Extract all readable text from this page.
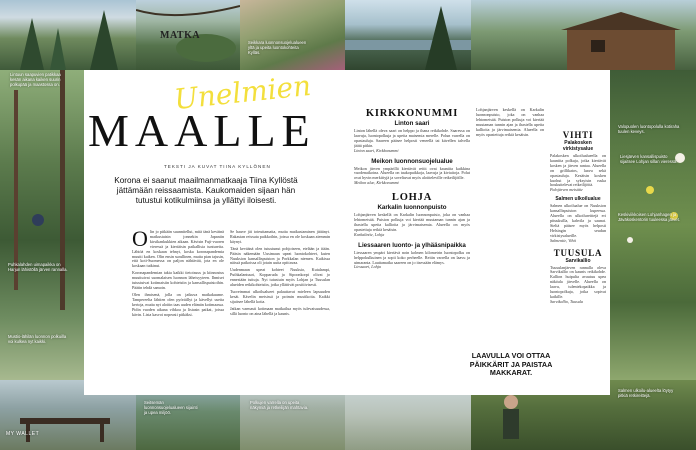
MATKA
Lintuun saapuvien patikkaa kesän aikana kaiken suurin polkupää ja maastossa on.
Seikkara luonnonsuojelualueen yltä ja upeita luontokohteita Kylläs.
Valopuolen luontopolulla kotiraha tuulen keveys.
Liesjärven kansallispuisto sijaitsee Lohjan sillan vieressä.
Keskiviikkoisen Lohjanhagen ja Jäväkoskentorin tuuleessa järvet.
Puhkalahden uimapaikka on Harjun lähistöllä järven rannalla.
Mustio-lähilän luonnon polkuilla voi kulkea nyt kaikki.
Seitsemän luonnonsuojelualueen sijainti ja upea miljöö.
Polkujen varrella on upeita näkymiä ja retkeilijän mahtavia.
Salmen ulkoilu-alueelta löytyy pitkiä retkireittejä.
MY WALLET
Unelmien
MAALLE
TEKSTI JA KUVAT TIINA KYLLÖNEN
Korona ei saanut maailmanmatkaaja Tiina Kyllöstä jättämään reissaamista. Kaukomaiden sijaan hän tutustui kotikulmiinsa ja yllättyi iloisesti.
O lin jo pitkään suunnitellut, mitä tänä kevätnä matkustaisin jonnekin Japaniin kirsikankukkien aikaan. Kävisin Fuji-vuoren vieressä ja kiertäisin paikallisia tuntureita. Lähtöä en koskaan tehnyt, koska koronapandemia muutti kaiken. Olin ensin surullinen, mutta pian tajusin, että koti-Suomessa on paljon nähtävää, jota en ole koskaan tutkinut.

Koronapandemian takia kaikki tietoisuus ja kiinnostus muuttuivat suomalaisen luonnon läheisyyteen. Ihmiset tutustuivat kotimaisiin kohteisiin ja kansallispuistoihin. Päätin tehdä samoin.

Olen ihmisenä, jolla on jatkuva matkakuume. Tampereelta lähtien olen pyöräillyt ja kävellyt useita kertoja, mutta nyt aloitin taas uuden elämän kotimaassa. Pidin vuoden aikana vihkoa ja listasin paikat, joissa kävin. Lista kasvoi nopeasti pitkäksi.

Se hauve jäi toteuttamatta, mutta matkustaminen jättänyt. Rakastan reissuta paikkoihin, joissa en ole koskaan aiemmin käynyt.

Tänä keväänä olen tutustunut pohjoiseen, etelään ja itään. Pääsin näkemään Uusimaan upeat luontokohteet, kuten Nuuksion kansallispuiston ja Porkkalan niemen. Kaikissa näissä paikoissa oli jotain uutta opittavaa.

Uudenmaan upeat kohteet Nuuksio, Kutalampi, Puthkalantuuri, Kopparuda ja Sipoonkorpi olivat jo ennestään tuttuja. Nyt tutustuin myös Lohjan ja Tuusulan alueiden retkikohteisiin, jotka yllättivät positiivisesti.

Tuoreimmat ulkoilualueet palauttavat mieleen lapsuuden kesät. Kävelin metsissä ja poimin mustikoita. Kaikki sijaitsee lähellä kotia.

Jatkan varmasti kotimaan matkailua myös tulevaisuudessa, sillä luonto on aina lähellä ja kaunis.

KIRKKONUMMI
Linton saari
Linton lähellä oleva saari on helppo ja ihana retkikohde. Saaressa on laavuja, luontopolkuja ja upeita maisemia merelle. Polun varrella on opastauluja. Saareen pääsee helposti veneellä tai kävellen talvella jäätä pitkin.
Linton saari, Kirkkonummi
Meikon luonnonsuojelualue
Meikon järven ympärillä kiertävät reitit ovat kauniita kaikkina vuodenaikoina. Alueella on taukopaikkoja, laavuja ja kiviaitoja. Polut ovat hyvin merkittyjä ja soveltuvat myös aloitteleville retkeilijöille.
Meikon alue, Kirkkonummi
LOHJA
Karkalin luonnonpuisto
Lohjanjärven keskellä on Karkalin luonnonpuisto, joka on vanhaa lehtometsää. Puiston polkuja voi kiertää muutaman tunnin ajan ja ihastella upeita kallioita ja järvimaisemia. Alueella on myös opastettuja retkiä kesäisin.
Karkalintie, Lohja
Liessaaren luonto- ja ylhääsnipaikka
Liessaaren ympäri kiertävä noin kolmen kilometrin luontopolku on helppokulkuinen ja sopii koko perheelle. Reitin varrella on laavu ja uimaranta. Lauttamatka saareen on jo itsessään elämys.
Liessaari, Lohja
Lohjanjärven keskellä on Karkalin luonnonpuisto, joka on vanhaa lehtometsää. Puiston polkuja voi kiertää muutaman tunnin ajan ja ihastella upeita kallioita ja järvimaisemia. Alueella on myös opastettuja retkiä kesäisin.
LAAVULLA VOI OTTAA PÄIKKÄRIT JA PAISTAA MAKKARAT.
VIHTI
Palakosken virkistysalue
Palakosken ulkoilualueella on kauniita polkuja, jotka kiertävät kosken ja järven rantaa. Alueella on grillikatos, laavu sekä opastauluja. Kesäisin kosken kuohut ja syksyisin ruska houkuttelevat retkeilijöitä.
Palojärven metsätie
Salmen ulkoilualue
Salmen ulkoilualue on Nuuksion kansallispuiston kupeessa. Alueella on ulkoilureittejä eri pituuksilla, kahvila ja saunat. Sieltä pääsee myös helposti Helsingin seudun virkistysalueille.
Salmentie, Vihti
TUUSULA
Sarvikallio
Tuusulanjärven rannalla oleva Sarvikallio on kaunis retkikohde. Kallion huipulta avautuu upea näköala järvelle. Alueella on laavu, tulentekopaikka ja luontopolkuja, jotka sopivat kaikille.
Sarvikallio, Tuusula
